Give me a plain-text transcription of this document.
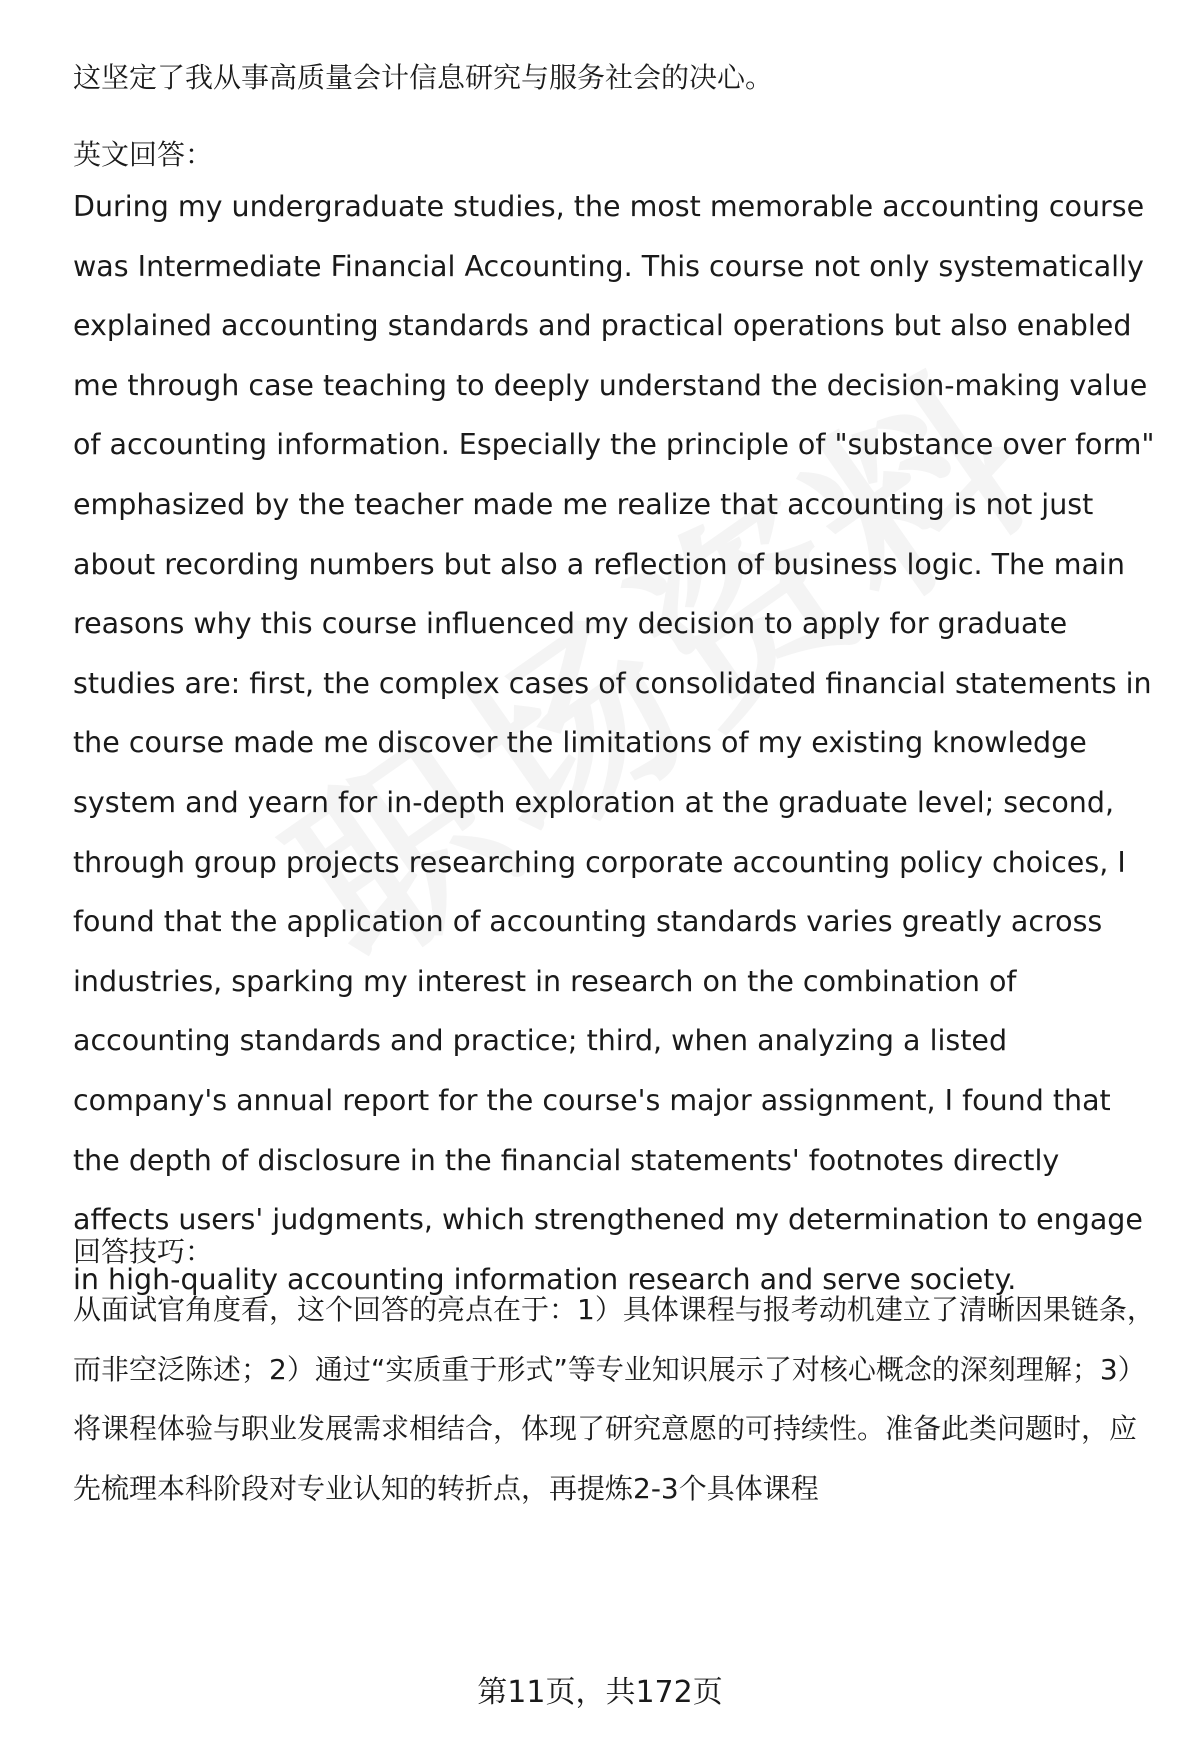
这坚定了我从事高质量会计信息研究与服务社会的决心。

英文回答：

During my undergraduate studies, the most memorable accounting course was Intermediate Financial Accounting. This course not only systematically explained accounting standards and practical operations but also enabled me through case teaching to deeply understand the decision-making value of accounting information. Especially the principle of "substance over form" emphasized by the teacher made me realize that accounting is not just about recording numbers but also a reflection of business logic. The main reasons why this course influenced my decision to apply for graduate studies are: first, the complex cases of consolidated financial statements in the course made me discover the limitations of my existing knowledge system and yearn for in-depth exploration at the graduate level; second, through group projects researching corporate accounting policy choices, I found that the application of accounting standards varies greatly across industries, sparking my interest in research on the combination of accounting standards and practice; third, when analyzing a listed company's annual report for the course's major assignment, I found that the depth of disclosure in the financial statements' footnotes directly affects users' judgments, which strengthened my determination to engage in high-quality accounting information research and serve society.

回答技巧：

从面试官角度看，这个回答的亮点在于：1）具体课程与报考动机建立了清晰因果链条，而非空泛陈述；2）通过“实质重于形式”等专业知识展示了对核心概念的深刻理解；3）将课程体验与职业发展需求相结合，体现了研究意愿的可持续性。准备此类问题时，应先梳理本科阶段对专业认知的转折点，再提炼2-3个具体课程

第11页，共172页
